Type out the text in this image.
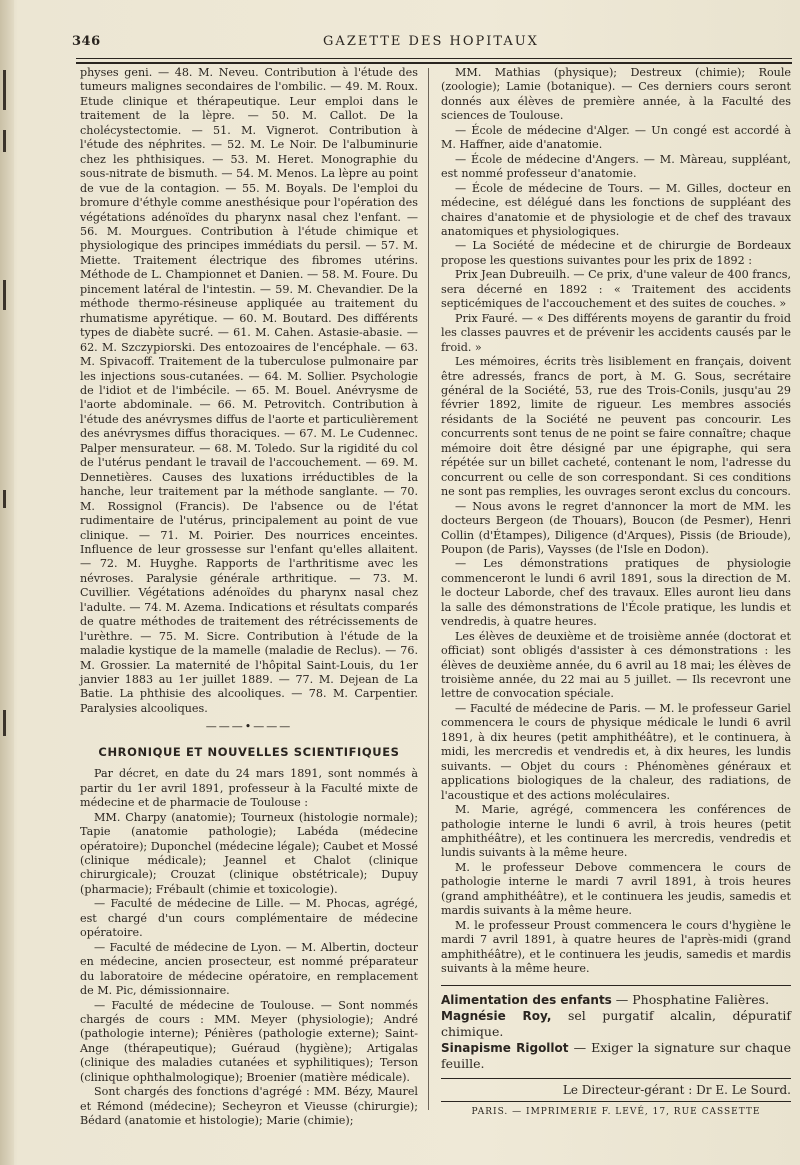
346	GAZETTE DES HOPITAUX

physes geni. — 48. M. Neveu. Contribution à l'étude des tumeurs malignes secondaires de l'ombilic. — 49. M. Roux. Etude clinique et thérapeutique. Leur emploi dans le traitement de la lèpre. — 50. M. Callot. De la cholécystectomie. — 51. M. Vignerot. Contribution à l'étude des néphrites. — 52. M. Le Noir. De l'albuminurie chez les phthisiques. — 53. M. Heret. Monographie du sous-nitrate de bismuth. — 54. M. Menos. La lèpre au point de vue de la contagion. — 55. M. Boyals. De l'emploi du bromure d'éthyle comme anesthésique pour l'opération des végétations adénoïdes du pharynx nasal chez l'enfant. — 56. M. Mourgues. Contribution à l'étude chimique et physiologique des principes immédiats du persil. — 57. M. Miette. Traitement électrique des fibromes utérins. Méthode de L. Championnet et Danien. — 58. M. Foure. Du pincement latéral de l'intestin. — 59. M. Chevandier. De la méthode thermo-résineuse appliquée au traitement du rhumatisme apyrétique. — 60. M. Boutard. Des différents types de diabète sucré. — 61. M. Cahen. Astasie-abasie. — 62. M. Szczypiorski. Des entozoaires de l'encéphale. — 63. M. Spivacoff. Traitement de la tuberculose pulmonaire par les injections sous-cutanées. — 64. M. Sollier. Psychologie de l'idiot et de l'imbécile. — 65. M. Bouel. Anévrysme de l'aorte abdominale. — 66. M. Petrovitch. Contribution à l'étude des anévrysmes diffus de l'aorte et particulièrement des anévrysmes diffus thoraciques. — 67. M. Le Cudennec. Palper mensurateur. — 68. M. Toledo. Sur la rigidité du col de l'utérus pendant le travail de l'accouchement. — 69. M. Dennetières. Causes des luxations irréductibles de la hanche, leur traitement par la méthode sanglante. — 70. M. Rossignol (Francis). De l'absence ou de l'état rudimentaire de l'utérus, principalement au point de vue clinique. — 71. M. Poirier. Des nourrices enceintes. Influence de leur grossesse sur l'enfant qu'elles allaitent. — 72. M. Huyghe. Rapports de l'arthritisme avec les névroses. Paralysie générale arthritique. — 73. M. Cuvillier. Végétations adénoïdes du pharynx nasal chez l'adulte. — 74. M. Azema. Indications et résultats comparés de quatre méthodes de traitement des rétrécissements de l'urèthre. — 75. M. Sicre. Contribution à l'étude de la maladie kystique de la mamelle (maladie de Reclus). — 76. M. Grossier. La maternité de l'hôpital Saint-Louis, du 1er janvier 1883 au 1er juillet 1889. — 77. M. Dejean de La Batie. La phthisie des alcooliques. — 78. M. Carpentier. Paralysies alcooliques.

———•———

CHRONIQUE ET NOUVELLES SCIENTIFIQUES

Par décret, en date du 24 mars 1891, sont nommés à partir du 1er avril 1891, professeur à la Faculté mixte de médecine et de pharmacie de Toulouse :

MM. Charpy (anatomie); Tourneux (histologie normale); Tapie (anatomie pathologie); Labéda (médecine opératoire); Duponchel (médecine légale); Caubet et Mossé (clinique médicale); Jeannel et Chalot (clinique chirurgicale); Crouzat (clinique obstétricale); Dupuy (pharmacie); Frébault (chimie et toxicologie).

— Faculté de médecine de Lille. — M. Phocas, agrégé, est chargé d'un cours complémentaire de médecine opératoire.

— Faculté de médecine de Lyon. — M. Albertin, docteur en médecine, ancien prosecteur, est nommé préparateur du laboratoire de médecine opératoire, en remplacement de M. Pic, démissionnaire.

— Faculté de médecine de Toulouse. — Sont nommés chargés de cours : MM. Meyer (physiologie); André (pathologie interne); Pénières (pathologie externe); Saint-Ange (thérapeutique); Guéraud (hygiène); Artigalas (clinique des maladies cutanées et syphilitiques); Terson (clinique ophthalmologique); Broenier (matière médicale).

Sont chargés des fonctions d'agrégé : MM. Bézy, Maurel et Rémond (médecine); Secheyron et Vieusse (chirurgie); Bédard (anatomie et histologie); Marie (chimie);

MM. Mathias (physique); Destreux (chimie); Roule (zoologie); Lamie (botanique). — Ces derniers cours seront donnés aux élèves de première année, à la Faculté des sciences de Toulouse.

— École de médecine d'Alger. — Un congé est accordé à M. Haffner, aide d'anatomie.

— École de médecine d'Angers. — M. Màreau, suppléant, est nommé professeur d'anatomie.

— École de médecine de Tours. — M. Gilles, docteur en médecine, est délégué dans les fonctions de suppléant des chaires d'anatomie et de physiologie et de chef des travaux anatomiques et physiologiques.

— La Société de médecine et de chirurgie de Bordeaux propose les questions suivantes pour les prix de 1892 :

Prix Jean Dubreuilh. — Ce prix, d'une valeur de 400 francs, sera décerné en 1892 : « Traitement des accidents septicémiques de l'accouchement et des suites de couches. »

Prix Fauré. — « Des différents moyens de garantir du froid les classes pauvres et de prévenir les accidents causés par le froid. »

Les mémoires, écrits très lisiblement en français, doivent être adressés, francs de port, à M. G. Sous, secrétaire général de la Société, 53, rue des Trois-Conils, jusqu'au 29 février 1892, limite de rigueur. Les membres associés résidants de la Société ne peuvent pas concourir. Les concurrents sont tenus de ne point se faire connaître; chaque mémoire doit être désigné par une épigraphe, qui sera répétée sur un billet cacheté, contenant le nom, l'adresse du concurrent ou celle de son correspondant. Si ces conditions ne sont pas remplies, les ouvrages seront exclus du concours.

— Nous avons le regret d'annoncer la mort de MM. les docteurs Bergeon (de Thouars), Boucon (de Pesmer), Henri Collin (d'Étampes), Diligence (d'Arques), Pissis (de Brioude), Poupon (de Paris), Vaysses (de l'Isle en Dodon).

— Les démonstrations pratiques de physiologie commenceront le lundi 6 avril 1891, sous la direction de M. le docteur Laborde, chef des travaux. Elles auront lieu dans la salle des démonstrations de l'École pratique, les lundis et vendredis, à quatre heures.

Les élèves de deuxième et de troisième année (doctorat et officiat) sont obligés d'assister à ces démonstrations : les élèves de deuxième année, du 6 avril au 18 mai; les élèves de troisième année, du 22 mai au 5 juillet. — Ils recevront une lettre de convocation spéciale.

— Faculté de médecine de Paris. — M. le professeur Gariel commencera le cours de physique médicale le lundi 6 avril 1891, à dix heures (petit amphithéâtre), et le continuera, à midi, les mercredis et vendredis et, à dix heures, les lundis suivants. — Objet du cours : Phénomènes généraux et applications biologiques de la chaleur, des radiations, de l'acoustique et des actions moléculaires.

M. Marie, agrégé, commencera les conférences de pathologie interne le lundi 6 avril, à trois heures (petit amphithéâtre), et les continuera les mercredis, vendredis et lundis suivants à la même heure.

M. le professeur Debove commencera le cours de pathologie interne le mardi 7 avril 1891, à trois heures (grand amphithéâtre), et le continuera les jeudis, samedis et mardis suivants à la même heure.

M. le professeur Proust commencera le cours d'hygiène le mardi 7 avril 1891, à quatre heures de l'après-midi (grand amphithéâtre), et le continuera les jeudis, samedis et mardis suivants à la même heure.

Alimentation des enfants — Phosphatine Falières.

Magnésie Roy, sel purgatif alcalin, dépuratif chimique.

Sinapisme Rigollot — Exiger la signature sur chaque feuille.

Le Directeur-gérant : Dr E. Le Sourd.

PARIS. — IMPRIMERIE F. LEVÉ, 17, RUE CASSETTE
